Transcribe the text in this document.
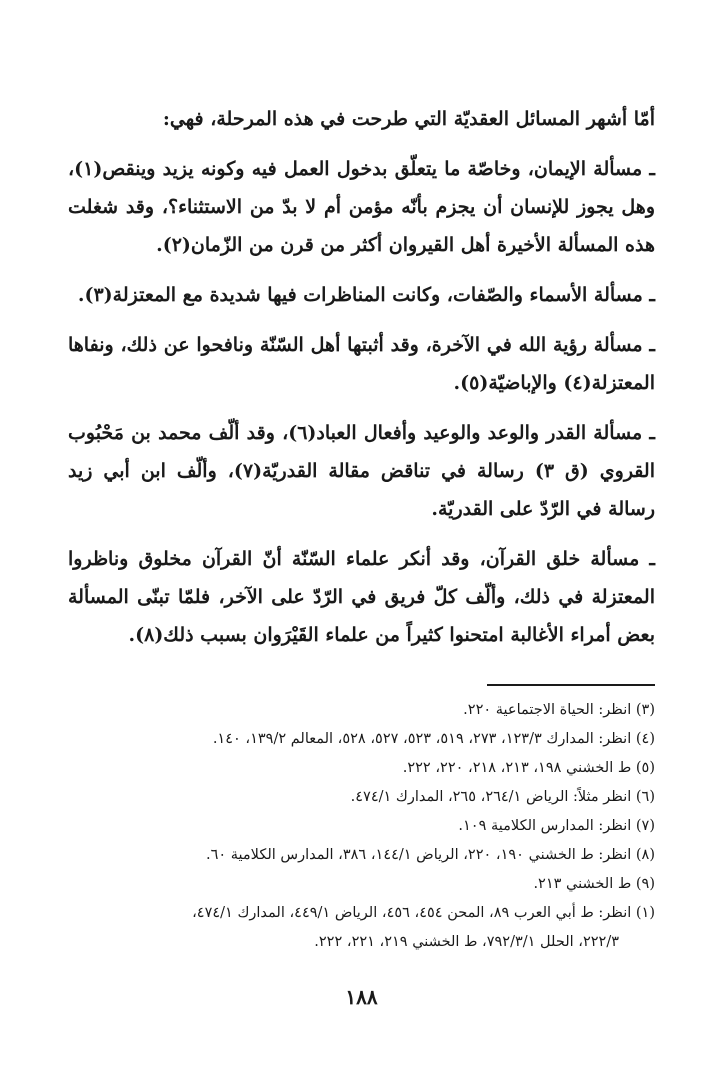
أمّا أشهر المسائل العقديّة التي طرحت في هذه المرحلة، فهي:

ـ مسألة الإيمان، وخاصّة ما يتعلّق بدخول العمل فيه وكونه يزيد وينقص(١)، وهل يجوز للإنسان أن يجزم بأنّه مؤمن أم لا بدّ من الاستثناء؟، وقد شغلت هذه المسألة الأخيرة أهل القيروان أكثر من قرن من الزّمان(٢).

ـ مسألة الأسماء والصّفات، وكانت المناظرات فيها شديدة مع المعتزلة(٣).

ـ مسألة رؤية الله في الآخرة، وقد أثبتها أهل السّنّة ونافحوا عن ذلك، ونفاها المعتزلة(٤) والإباضيّة(٥).

ـ مسألة القدر والوعد والوعيد وأفعال العباد(٦)، وقد ألّف محمد بن مَحْبُوب القروي (ق ٣) رسالة في تناقض مقالة القدريّة(٧)، وألّف ابن أبي زيد رسالة في الرّدّ على القدريّة.

ـ مسألة خلق القرآن، وقد أنكر علماء السّنّة أنّ القرآن مخلوق وناظروا المعتزلة في ذلك، وألّف كلّ فريق في الرّدّ على الآخر، فلمّا تبنّى المسألة بعض أمراء الأغالبة امتحنوا كثيراً من علماء القَيْرَوان بسبب ذلك(٨).

(٣) انظر: الحياة الاجتماعية ٢٢٠.

(٤) انظر: المدارك ١٢٣/٣، ٢٧٣، ٥١٩، ٥٢٣، ٥٢٧، ٥٢٨، المعالم ١٣٩/٢، ١٤٠.

(٥) ط الخشني ١٩٨، ٢١٣، ٢١٨، ٢٢٠، ٢٢٢.

(٦) انظر مثلاً: الرياض ٢٦٤/١، ٢٦٥، المدارك ٤٧٤/١.

(٧) انظر: المدارس الكلامية ١٠٩.

(٨) انظر: ط الخشني ١٩٠، ٢٢٠، الرياض ١٤٤/١، ٣٨٦، المدارس الكلامية ٦٠.

(٩) ط الخشني ٢١٣.

(١) انظر: ط أبي العرب ٨٩، المحن ٤٥٤، ٤٥٦، الرياض ٤٤٩/١، المدارك ٤٧٤/١،
٢٢٢/٣، الحلل ٧٩٢/٣/١، ط الخشني ٢١٩، ٢٢١، ٢٢٢.

١٨٨
